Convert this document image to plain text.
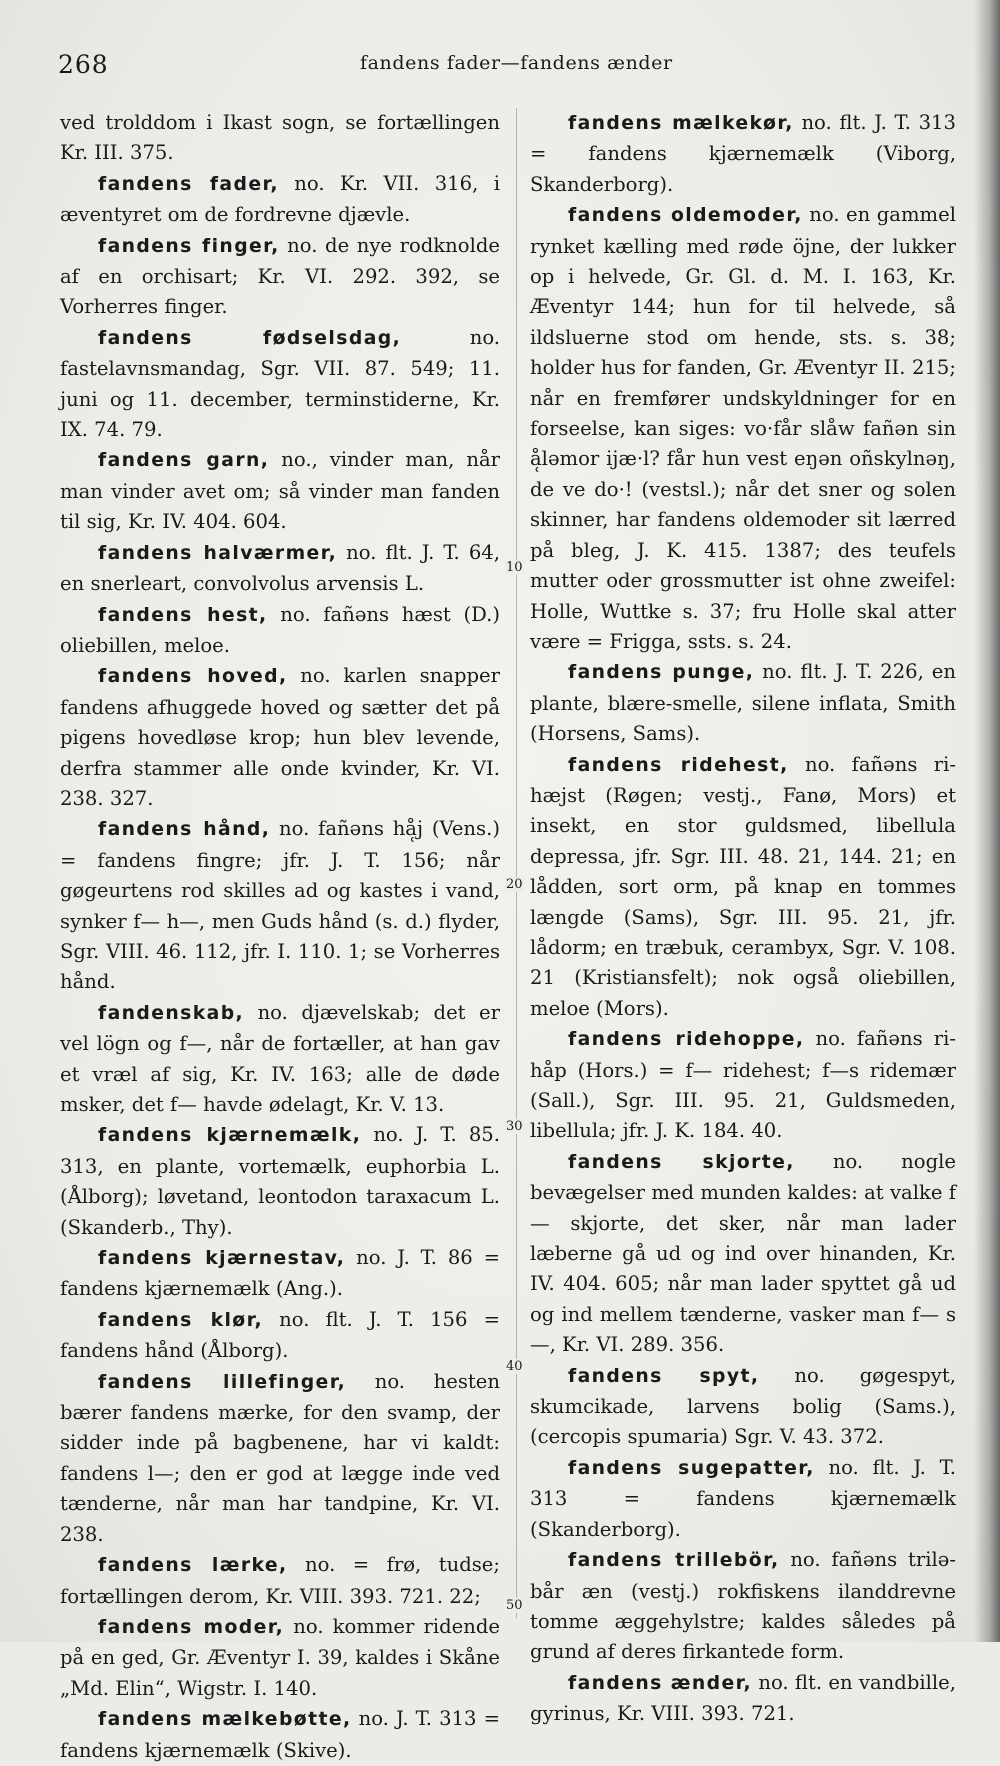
268	fandens fader—fandens ænder
10
20
30
40
50

ved trolddom i Ikast sogn, se fortællingen Kr. III. 375.

fandens fader, no. Kr. VII. 316, i æventyret om de fordrevne djævle.

fandens finger, no. de nye rodknolde af en orchisart; Kr. VI. 292. 392, se Vorherres finger.

fandens fødselsdag, no. fastelavnsmandag, Sgr. VII. 87. 549; 11. juni og 11. december, terminstiderne, Kr. IX. 74. 79.

fandens garn, no., vinder man, når man vinder avet om; så vinder man fanden til sig, Kr. IV. 404. 604.

fandens halværmer, no. flt. J. T. 64, en snerleart, convolvolus arvensis L.

fandens hest, no. fañəns hæst (D.) oliebillen, meloe.

fandens hoved, no. karlen snapper fandens afhuggede hoved og sætter det på pigens hovedløse krop; hun blev levende, derfra stammer alle onde kvinder, Kr. VI. 238. 327.

fandens hånd, no. fañəns hå̜j (Vens.) = fandens fingre; jfr. J. T. 156; når gøgeurtens rod skilles ad og kastes i vand, synker f— h—, men Guds hånd (s. d.) flyder, Sgr. VIII. 46. 112, jfr. I. 110. 1; se Vorherres hånd.

fandenskab, no. djævelskab; det er vel lögn og f—, når de fortæller, at han gav et vræl af sig, Kr. IV. 163; alle de døde msker, det f— havde ødelagt, Kr. V. 13.

fandens kjærnemælk, no. J. T. 85. 313, en plante, vortemælk, euphorbia L. (Ålborg); løvetand, leontodon taraxacum L. (Skanderb., Thy).

fandens kjærnestav, no. J. T. 86 = fandens kjærnemælk (Ang.).

fandens klør, no. flt. J. T. 156 = fandens hånd (Ålborg).

fandens lillefinger, no. hesten bærer fandens mærke, for den svamp, der sidder inde på bagbenene, har vi kaldt: fandens l—; den er god at lægge inde ved tænderne, når man har tandpine, Kr. VI. 238.

fandens lærke, no. = frø, tudse; fortællingen derom, Kr. VIII. 393. 721. 22;

fandens moder, no. kommer ridende på en ged, Gr. Æventyr I. 39, kaldes i Skåne „Md. Elin“, Wigstr. I. 140.

fandens mælkebøtte, no. J. T. 313 = fandens kjærnemælk (Skive).

fandens mælkekør, no. flt. J. T. 313 = fandens kjærnemælk (Viborg, Skanderborg).

fandens oldemoder, no. en gammel rynket kælling med røde öjne, der lukker op i helvede, Gr. Gl. d. M. I. 163, Kr. Æventyr 144; hun for til helvede, så ildsluerne stod om hende, sts. s. 38; holder hus for fanden, Gr. Æventyr II. 215; når en fremfører undskyldninger for en forseelse, kan siges: vo·får slåw fañən sin å̜ləmor ijæ·l? får hun vest eŋən oñskylnəŋ, de ve do·! (vestsl.); når det sner og solen skinner, har fandens oldemoder sit lærred på bleg, J. K. 415. 1387; des teufels mutter oder grossmutter ist ohne zweifel: Holle, Wuttke s. 37; fru Holle skal atter være = Frigga, ssts. s. 24.

fandens punge, no. flt. J. T. 226, en plante, blære-smelle, silene inflata, Smith (Horsens, Sams).

fandens ridehest, no. fañəns ri-hæjst (Røgen; vestj., Fanø, Mors) et insekt, en stor guldsmed, libellula depressa, jfr. Sgr. III. 48. 21, 144. 21; en lådden, sort orm, på knap en tommes længde (Sams), Sgr. III. 95. 21, jfr. lådorm; en træbuk, cerambyx, Sgr. V. 108. 21 (Kristiansfelt); nok også oliebillen, meloe (Mors).

fandens ridehoppe, no. fañəns ri-håp (Hors.) = f— ridehest; f—s ridemær (Sall.), Sgr. III. 95. 21, Guldsmeden, libellula; jfr. J. K. 184. 40.

fandens skjorte, no. nogle bevægelser med munden kaldes: at valke f— skjorte, det sker, når man lader læberne gå ud og ind over hinanden, Kr. IV. 404. 605; når man lader spyttet gå ud og ind mellem tænderne, vasker man f— s—, Kr. VI. 289. 356.

fandens spyt, no. gøgespyt, skumcikade, larvens bolig (Sams.), (cercopis spumaria) Sgr. V. 43. 372.

fandens sugepatter, no. flt. J. T. 313 = fandens kjærnemælk (Skanderborg).

fandens trillebör, no. fañəns trilə-bår æn (vestj.) rokfiskens ilanddrevne tomme æggehylstre; kaldes således på grund af deres firkantede form.

fandens ænder, no. flt. en vandbille, gyrinus, Kr. VIII. 393. 721.
